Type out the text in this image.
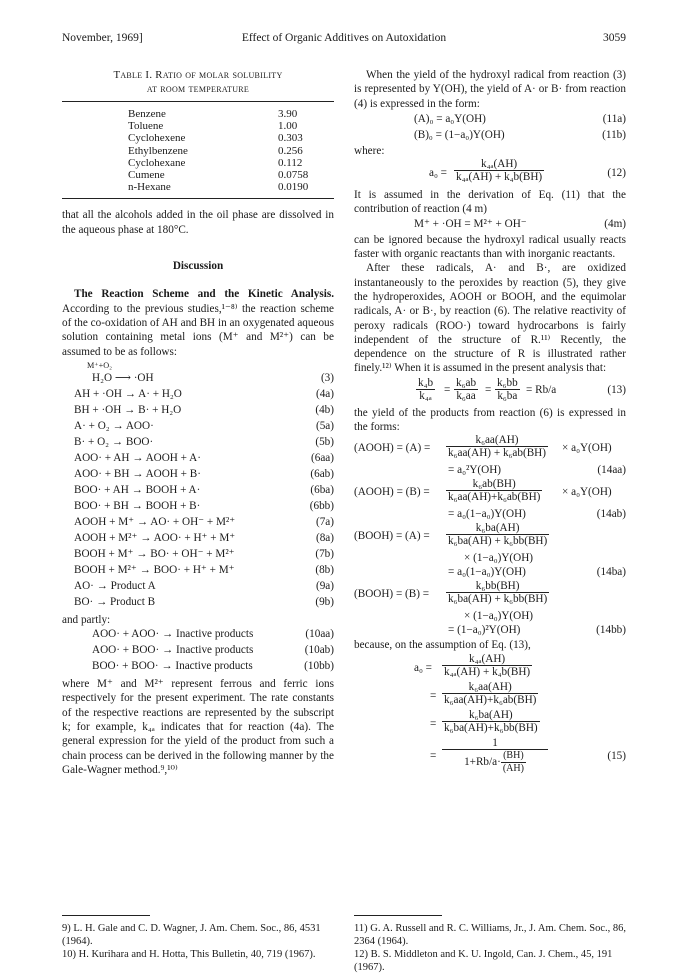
Effect of Organic Additives on Autoxidation
November, 1969]	3059
Table I. Ratio of molar solubility
at room temperature
Benzene	3.90
Toluene	1.00
Cyclohexene	0.303
Ethylbenzene	0.256
Cyclohexane	0.112
Cumene	0.0758
n-Hexane	0.0190

that all the alcohols added in the oil phase are dissolved in the aqueous phase at 180°C.

Discussion

The Reaction Scheme and the Kinetic Analysis. According to the previous studies,¹⁻⁸⁾ the reaction scheme of the co-oxidation of AH and BH in an oxygenated aqueous solution containing metal ions (M⁺ and M²⁺) can be assumed to be as follows:

M⁺+O₂
H₂O ⟶ ·OH	(3)
AH + ·OH → A· + H₂O	(4a)
BH + ·OH → B· + H₂O	(4b)
A· + O₂ → AOO·	(5a)
B· + O₂ → BOO·	(5b)
AOO· + AH → AOOH + A·	(6aa)
AOO· + BH → AOOH + B·	(6ab)
BOO· + AH → BOOH + A·	(6ba)
BOO· + BH → BOOH + B·	(6bb)
AOOH + M⁺ → AO· + OH⁻ + M²⁺	(7a)
AOOH + M²⁺ → AOO· + H⁺ + M⁺	(8a)
BOOH + M⁺ → BO· + OH⁻ + M²⁺	(7b)
BOOH + M²⁺ → BOO· + H⁺ + M⁺	(8b)
AO· → Product A	(9a)
BO· → Product B	(9b)

and partly:

AOO· + AOO· → Inactive products	(10aa)
AOO· + BOO· → Inactive products	(10ab)
BOO· + BOO· → Inactive products	(10bb)

where M⁺ and M²⁺ represent ferrous and ferric ions respectively for the present experiment. The rate constants of the respective reactions are represented by the subscript k; for example, k₄ₐ indicates that for reaction (4a). The general expression for the yield of the product from such a chain process can be derived in the following manner by the Gale-Wagner method.⁹,¹⁰⁾

When the yield of the hydroxyl radical from reaction (3) is represented by Y(OH), the yield of A· or B· from reaction (4) is expressed in the form:

(A)₀ = a₀Y(OH)	(11a)
(B)₀ = (1−a₀)Y(OH)	(11b)

where:

$a_0 = \frac{\text{k₄ₐ(AH)}}{\text{k₄ₐ(AH) + k₄b(BH)}}$	(12)

It is assumed in the derivation of Eq. (11) that the contribution of reaction (4 m)

M⁺ + ·OH = M²⁺ + OH⁻	(4m)

can be ignored because the hydroxyl radical usually reacts faster with organic reactants than with inorganic reactants.

After these radicals, A· and B·, are oxidized instantaneously to the peroxides by reaction (5), they give the hydroperoxides, AOOH or BOOH, and the equimolar radicals, A· or B·, by reaction (6). The relative reactivity of peroxy radicals (ROO·) toward hydrocarbons is fairly independent of the structure of R.¹¹⁾ Recently, the dependence on the structure of R is illustrated rather finely.¹²⁾ When it is assumed in the present analysis that:

$\frac{\text{k₄b}}{\text{k₄ₐ}} = \frac{\text{k₆ab}}{\text{k₆aa}} = \frac{\text{k₆bb}}{\text{k₆ba}} = Rb/a$	(13)

the yield of the products from reaction (6) is expressed in the forms:

(AOOH) = $(A) = \frac{\text{k₆aa(AH)}}{\text{k₆aa(AH) + k₆ab(BH)}} \times a_0Y(OH)$
= a₀²Y(OH)	(14aa)
(AOOH) = $(B) = \frac{\text{k₆ab(BH)}}{\text{k₆aa(AH)+k₆ab(BH)}} \times a_0Y(OH)$
= a₀(1−a₀)Y(OH)	(14ab)
(BOOH) = $(A) = \frac{\text{k₆ba(AH)}}{\text{k₆ba(AH) + k₆bb(BH)}}$
× (1−a₀)Y(OH)
= a₀(1−a₀)Y(OH)	(14ba)
(BOOH) = $(B) = \frac{\text{k₆bb(BH)}}{\text{k₆ba(AH) + k₆bb(BH)}}$
× (1−a₀)Y(OH)
= (1−a₀)²Y(OH)	(14bb)

because, on the assumption of Eq. (13),

$a_0 = \frac{\text{k₄ₐ(AH)}}{\text{k₄ₐ(AH) + k₄b(BH)}}$
= $\frac{\text{k₆aa(AH)}}{\text{k₆aa(AH)+k₆ab(BH)}}$
= $\frac{\text{k₆ba(AH)}}{\text{k₆ba(AH)+k₆bb(BH)}}$
= $\frac{1}{1+Rb/a\cdot \frac{(BH)}{(AH)}}$	(15)

9) L. H. Gale and C. D. Wagner, J. Am. Chem. Soc., 86, 4531 (1964).

10) H. Kurihara and H. Hotta, This Bulletin, 40, 719 (1967).

11) G. A. Russell and R. C. Williams, Jr., J. Am. Chem. Soc., 86, 2364 (1964).

12) B. S. Middleton and K. U. Ingold, Can. J. Chem., 45, 191 (1967).
